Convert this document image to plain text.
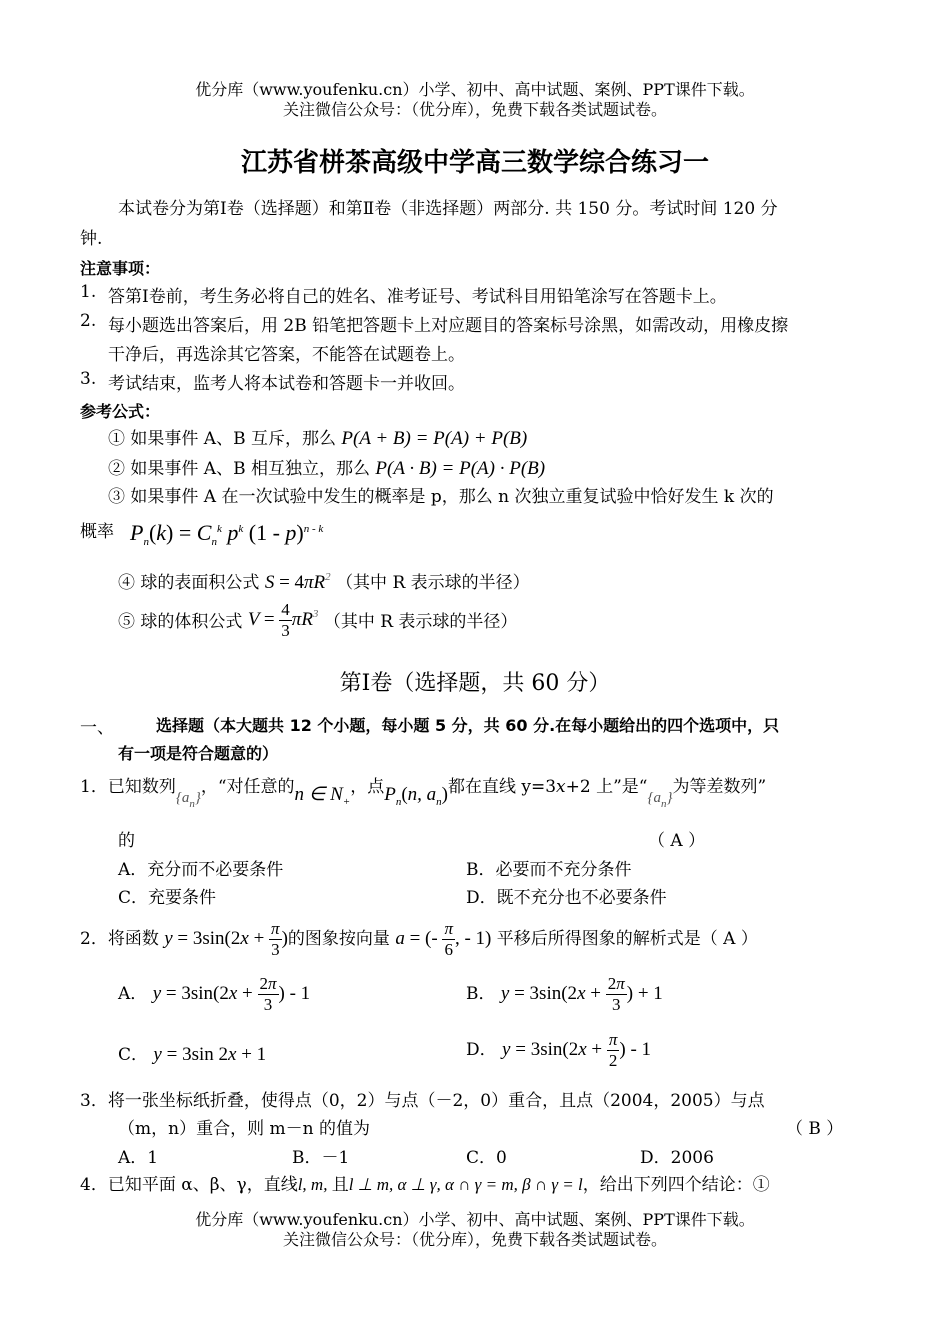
优分库（www.youfenku.cn）小学、初中、高中试题、案例、PPT课件下载。
关注微信公众号：（优分库），免费下载各类试题试卷。
江苏省栟茶高级中学高三数学综合练习一
本试卷分为第Ⅰ卷（选择题）和第Ⅱ卷（非选择题）两部分. 共 150 分。考试时间 120 分
钟.
注意事项：
1. 答第Ⅰ卷前，考生务必将自己的姓名、准考证号、考试科目用铅笔涂写在答题卡上。
2. 每小题选出答案后，用 2B 铅笔把答题卡上对应题目的答案标号涂黑，如需改动，用橡皮擦
干净后，再选涂其它答案，不能答在试题卷上。
3. 考试结束，监考人将本试卷和答题卡一并收回。
参考公式：
① 如果事件 A、B 互斥，那么 P(A + B) = P(A) + P(B)
② 如果事件 A、B 相互独立，那么 P(A · B) = P(A) · P(B)
③ 如果事件 A 在一次试验中发生的概率是 p，那么 n 次独立重复试验中恰好发生 k 次的
概率 $P_n(k) = C_n^k$ $p^k$ (1 - p)$^{n - k}$
④ 球的表面积公式 $S = 4\pi R^2$ （其中 R 表示球的半径）
⑤ 球的体积公式 $V = \frac{4}{3} \pi R^3$ （其中 R 表示球的半径）
第Ⅰ卷（选择题，共 60 分）
一、	选择题（本大题共 12 个小题，每小题 5 分，共 60 分.在每小题给出的四个选项中，只
有一项是符合题意的）
1．已知数列$\{a_n\}$，“对任意的n ∈ $N_+$，点$P_n(n$, $a_n$)都在直线 y=3x+2 上”是“$\{a_n\}$为等差数列”
的	（ A ）
A．充分而不必要条件	B．必要而不充分条件
C．充要条件	D．既不充分也不必要条件
2．将函数 $y = 3\sin(2x + \frac{\pi}{3}$ )的图象按向量 a = (- $\frac{\pi}{6}$ , - 1) 平移后所得图象的解析式是（ A ）
A． $y = 3\sin(2x + \frac{2\pi}{3}$ ) - 1	B． $y = 3\sin(2x + \frac{2\pi}{3}$ ) + 1
C． y = 3sin 2x + 1	D． $y = 3\sin(2x + \frac{\pi}{2}$ ) - 1
3．将一张坐标纸折叠，使得点（0，2）与点（－2，0）重合，且点（2004，2005）与点
（m，n）重合，则 m－n 的值为	（ B ）
A．1	B．－1	C．0	D．2006
4．已知平面 α、β、γ，直线l, m, 且l ⊥ m, α ⊥ γ, α ∩ γ = m, β ∩ γ = l，给出下列四个结论：①
优分库（www.youfenku.cn）小学、初中、高中试题、案例、PPT课件下载。
关注微信公众号：（优分库），免费下载各类试题试卷。
